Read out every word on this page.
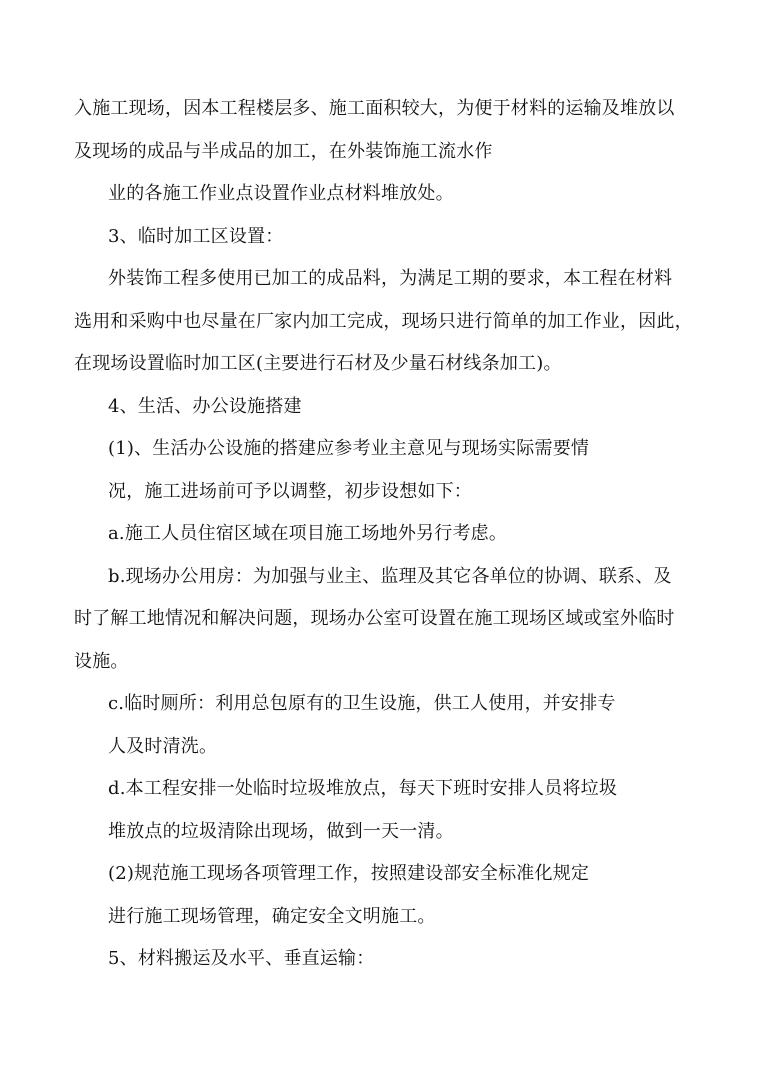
入施工现场，因本工程楼层多、施工面积较大，为便于材料的运输及堆放以
及现场的成品与半成品的加工，在外装饰施工流水作
业的各施工作业点设置作业点材料堆放处。
3、临时加工区设置：
外装饰工程多使用已加工的成品料，为满足工期的要求，本工程在材料
选用和采购中也尽量在厂家内加工完成，现场只进行简单的加工作业，因此，
在现场设置临时加工区(主要进行石材及少量石材线条加工)。
4、生活、办公设施搭建
(1)、生活办公设施的搭建应参考业主意见与现场实际需要情
况，施工进场前可予以调整，初步设想如下：
a.施工人员住宿区域在项目施工场地外另行考虑。
b.现场办公用房：为加强与业主、监理及其它各单位的协调、联系、及
时了解工地情况和解决问题，现场办公室可设置在施工现场区域或室外临时
设施。
c.临时厕所：利用总包原有的卫生设施，供工人使用，并安排专
人及时清洗。
d.本工程安排一处临时垃圾堆放点，每天下班时安排人员将垃圾
堆放点的垃圾清除出现场，做到一天一清。
(2)规范施工现场各项管理工作，按照建设部安全标准化规定
进行施工现场管理，确定安全文明施工。
5、材料搬运及水平、垂直运输：
